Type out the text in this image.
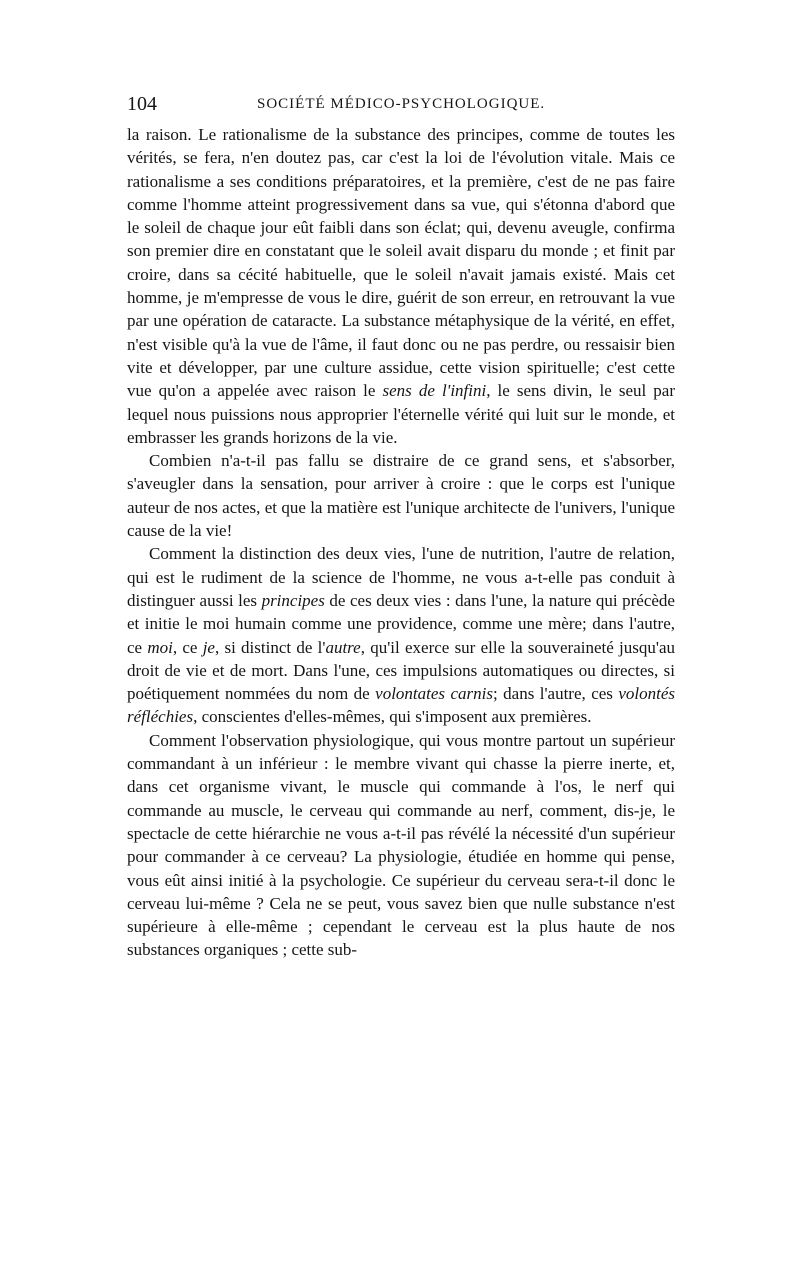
104	SOCIÉTÉ MÉDICO-PSYCHOLOGIQUE.

la raison. Le rationalisme de la substance des principes, comme de toutes les vérités, se fera, n'en doutez pas, car c'est la loi de l'évolution vitale. Mais ce rationalisme a ses conditions préparatoires, et la première, c'est de ne pas faire comme l'homme atteint progressivement dans sa vue, qui s'étonna d'abord que le soleil de chaque jour eût faibli dans son éclat; qui, devenu aveugle, confirma son premier dire en constatant que le soleil avait disparu du monde ; et finit par croire, dans sa cécité habituelle, que le soleil n'avait jamais existé. Mais cet homme, je m'empresse de vous le dire, guérit de son erreur, en retrouvant la vue par une opération de cataracte. La substance métaphysique de la vérité, en effet, n'est visible qu'à la vue de l'âme, il faut donc ou ne pas perdre, ou ressaisir bien vite et développer, par une culture assidue, cette vision spirituelle; c'est cette vue qu'on a appelée avec raison le sens de l'infini, le sens divin, le seul par lequel nous puissions nous approprier l'éternelle vérité qui luit sur le monde, et embrasser les grands horizons de la vie.

Combien n'a-t-il pas fallu se distraire de ce grand sens, et s'absorber, s'aveugler dans la sensation, pour arriver à croire : que le corps est l'unique auteur de nos actes, et que la matière est l'unique architecte de l'univers, l'unique cause de la vie!

Comment la distinction des deux vies, l'une de nutrition, l'autre de relation, qui est le rudiment de la science de l'homme, ne vous a-t-elle pas conduit à distinguer aussi les principes de ces deux vies : dans l'une, la nature qui précède et initie le moi humain comme une providence, comme une mère; dans l'autre, ce moi, ce je, si distinct de l'autre, qu'il exerce sur elle la souveraineté jusqu'au droit de vie et de mort. Dans l'une, ces impulsions automatiques ou directes, si poétiquement nommées du nom de volontates carnis; dans l'autre, ces volontés réfléchies, conscientes d'elles-mêmes, qui s'imposent aux premières.

Comment l'observation physiologique, qui vous montre partout un supérieur commandant à un inférieur : le membre vivant qui chasse la pierre inerte, et, dans cet organisme vivant, le muscle qui commande à l'os, le nerf qui commande au muscle, le cerveau qui commande au nerf, comment, dis-je, le spectacle de cette hiérarchie ne vous a-t-il pas révélé la nécessité d'un supérieur pour commander à ce cerveau? La physiologie, étudiée en homme qui pense, vous eût ainsi initié à la psychologie. Ce supérieur du cerveau sera-t-il donc le cerveau lui-même ? Cela ne se peut, vous savez bien que nulle substance n'est supérieure à elle-même ; cependant le cerveau est la plus haute de nos substances organiques ; cette sub-
